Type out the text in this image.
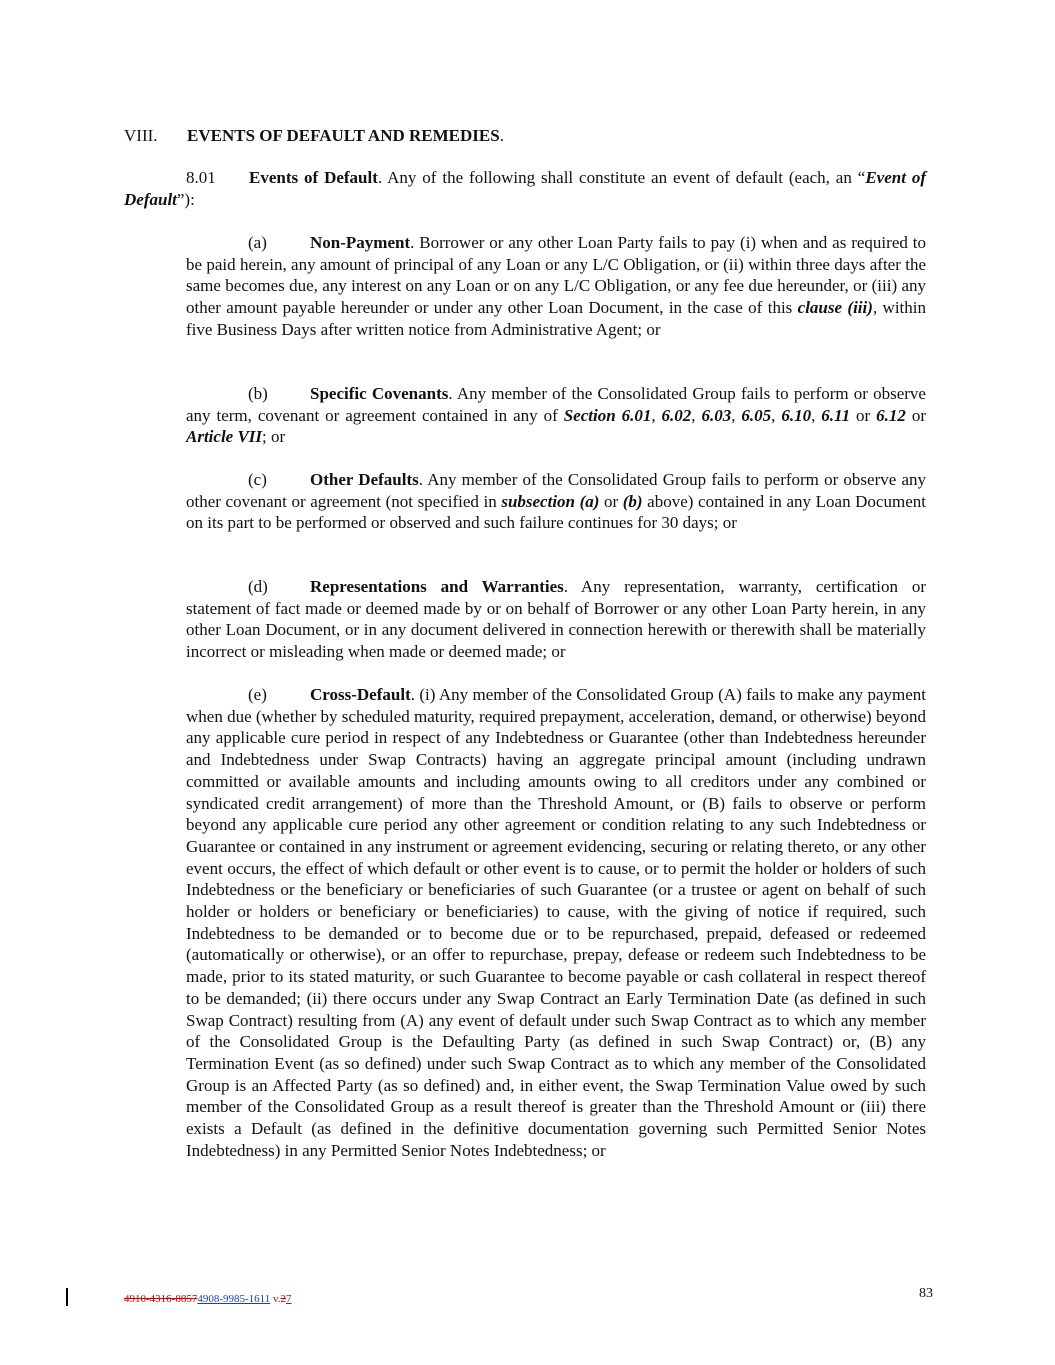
VIII. EVENTS OF DEFAULT AND REMEDIES.
8.01 Events of Default. Any of the following shall constitute an event of default (each, an “Event of Default”):
(a)	Non-Payment. Borrower or any other Loan Party fails to pay (i) when and as required to be paid herein, any amount of principal of any Loan or any L/C Obligation, or (ii) within three days after the same becomes due, any interest on any Loan or on any L/C Obligation, or any fee due hereunder, or (iii) any other amount payable hereunder or under any other Loan Document, in the case of this clause (iii), within five Business Days after written notice from Administrative Agent; or
(b) Specific Covenants. Any member of the Consolidated Group fails to perform or observe any term, covenant or agreement contained in any of Section 6.01, 6.02, 6.03, 6.05, 6.10, 6.11 or 6.12 or Article VII; or
(c)	Other Defaults. Any member of the Consolidated Group fails to perform or observe any other covenant or agreement (not specified in subsection (a) or (b) above) contained in any Loan Document on its part to be performed or observed and such failure continues for 30 days; or
(d) Representations and Warranties. Any representation, warranty, certification or statement of fact made or deemed made by or on behalf of Borrower or any other Loan Party herein, in any other Loan Document, or in any document delivered in connection herewith or therewith shall be materially incorrect or misleading when made or deemed made; or
(e)	Cross-Default. (i) Any member of the Consolidated Group (A) fails to make any payment when due (whether by scheduled maturity, required prepayment, acceleration, demand, or otherwise) beyond any applicable cure period in respect of any Indebtedness or Guarantee (other than Indebtedness hereunder and Indebtedness under Swap Contracts) having an aggregate principal amount (including undrawn committed or available amounts and including amounts owing to all creditors under any combined or syndicated credit arrangement) of more than the Threshold Amount, or (B) fails to observe or perform beyond any applicable cure period any other agreement or condition relating to any such Indebtedness or Guarantee or contained in any instrument or agreement evidencing, securing or relating thereto, or any other event occurs, the effect of which default or other event is to cause, or to permit the holder or holders of such Indebtedness or the beneficiary or beneficiaries of such Guarantee (or a trustee or agent on behalf of such holder or holders or beneficiary or beneficiaries) to cause, with the giving of notice if required, such Indebtedness to be demanded or to become due or to be repurchased, prepaid, defeased or redeemed (automatically or otherwise), or an offer to repurchase, prepay, defease or redeem such Indebtedness to be made, prior to its stated maturity, or such Guarantee to become payable or cash collateral in respect thereof to be demanded; (ii) there occurs under any Swap Contract an Early Termination Date (as defined in such Swap Contract) resulting from (A) any event of default under such Swap Contract as to which any member of the Consolidated Group is the Defaulting Party (as defined in such Swap Contract) or, (B) any Termination Event (as so defined) under such Swap Contract as to which any member of the Consolidated Group is an Affected Party (as so defined) and, in either event, the Swap Termination Value owed by such member of the Consolidated Group as a result thereof is greater than the Threshold Amount or (iii) there exists a Default (as defined in the definitive documentation governing such Permitted Senior Notes Indebtedness) in any Permitted Senior Notes Indebtedness; or
4910-4316-88574908-9985-1611 v.27	83
